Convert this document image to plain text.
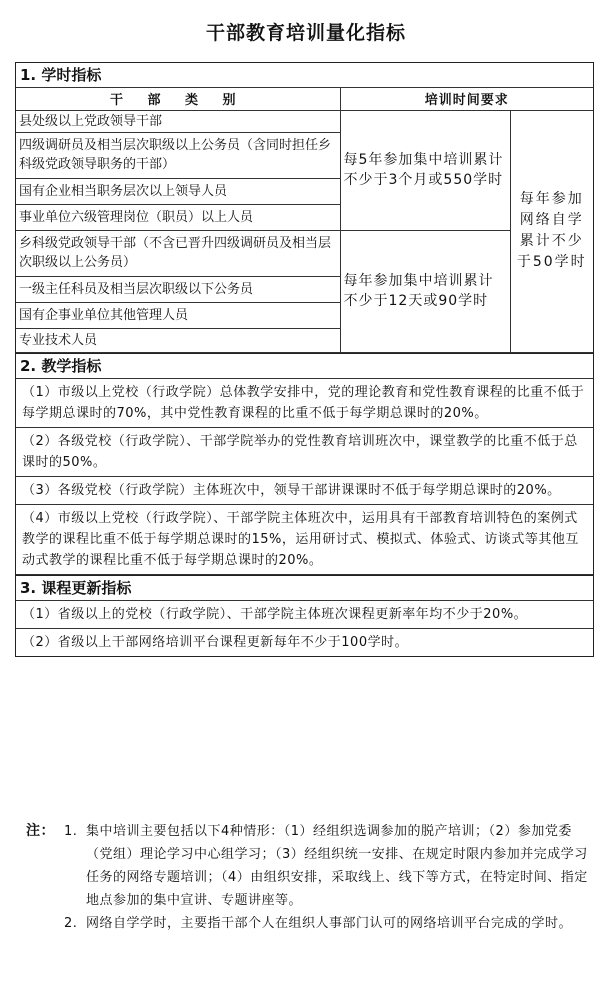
干部教育培训量化指标
1. 学时指标
干 部 类 别	培训时间要求	
县处级以上党政领导干部	每5年参加集中培训累计不少于3个月或550学时	每年参加网络自学累计不少于50学时
四级调研员及相当层次职级以上公务员（含同时担任乡科级党政领导职务的干部）		
国有企业相当职务层次以上领导人员		
事业单位六级管理岗位（职员）以上人员		
乡科级党政领导干部（不含已晋升四级调研员及相当层次职级以上公务员）	每年参加集中培训累计不少于12天或90学时	
一级主任科员及相当层次职级以下公务员		
国有企事业单位其他管理人员		
专业技术人员		
2. 教学指标
（1）市级以上党校（行政学院）总体教学安排中，党的理论教育和党性教育课程的比重不低于每学期总课时的70%，其中党性教育课程的比重不低于每学期总课时的20%。
（2）各级党校（行政学院）、干部学院举办的党性教育培训班次中，课堂教学的比重不低于总课时的50%。
（3）各级党校（行政学院）主体班次中，领导干部讲课课时不低于每学期总课时的20%。
（4）市级以上党校（行政学院）、干部学院主体班次中，运用具有干部教育培训特色的案例式教学的课程比重不低于每学期总课时的15%，运用研讨式、模拟式、体验式、访谈式等其他互动式教学的课程比重不低于每学期总课时的20%。
3. 课程更新指标
（1）省级以上的党校（行政学院）、干部学院主体班次课程更新率年均不少于20%。
（2）省级以上干部网络培训平台课程更新每年不少于100学时。
注： 1. 集中培训主要包括以下4种情形：（1）经组织选调参加的脱产培训；（2）参加党委（党组）理论学习中心组学习；（3）经组织统一安排、在规定时限内参加并完成学习任务的网络专题培训；（4）由组织安排，采取线上、线下等方式，在特定时间、指定地点参加的集中宣讲、专题讲座等。
2. 网络自学学时，主要指干部个人在组织人事部门认可的网络培训平台完成的学时。
